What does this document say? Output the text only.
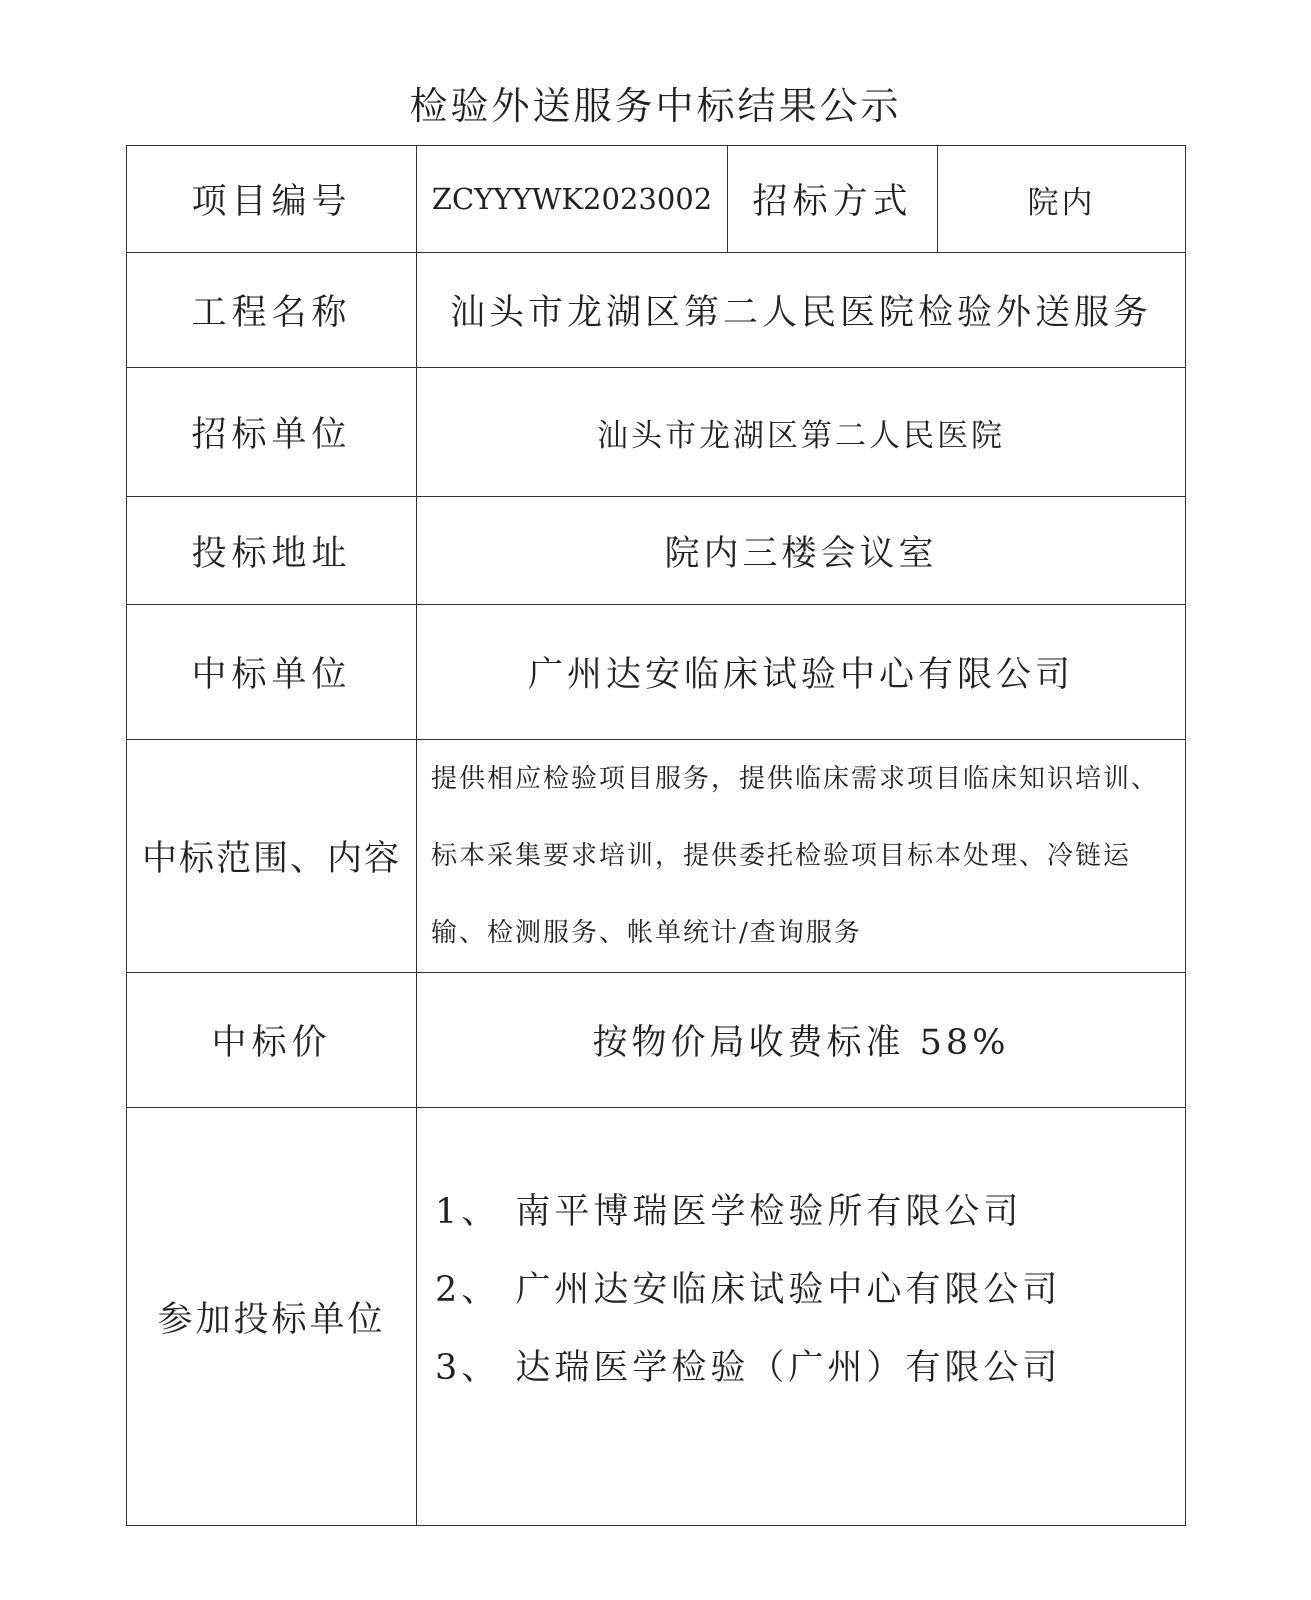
检验外送服务中标结果公示
项目编号	ZCYYYWK2023002	招标方式	院内
工程名称	汕头市龙湖区第二人民医院检验外送服务		
招标单位	汕头市龙湖区第二人民医院		
投标地址	院内三楼会议室		
中标单位	广州达安临床试验中心有限公司		
中标范围、内容	提供相应检验项目服务，提供临床需求项目临床知识培训、标本采集要求培训，提供委托检验项目标本处理、冷链运输、检测服务、帐单统计/查询服务		
中标价	按物价局收费标准 58%		
参加投标单位	1、 南平博瑞医学检验所有限公司
2、 广州达安临床试验中心有限公司
3、 达瑞医学检验（广州）有限公司		
